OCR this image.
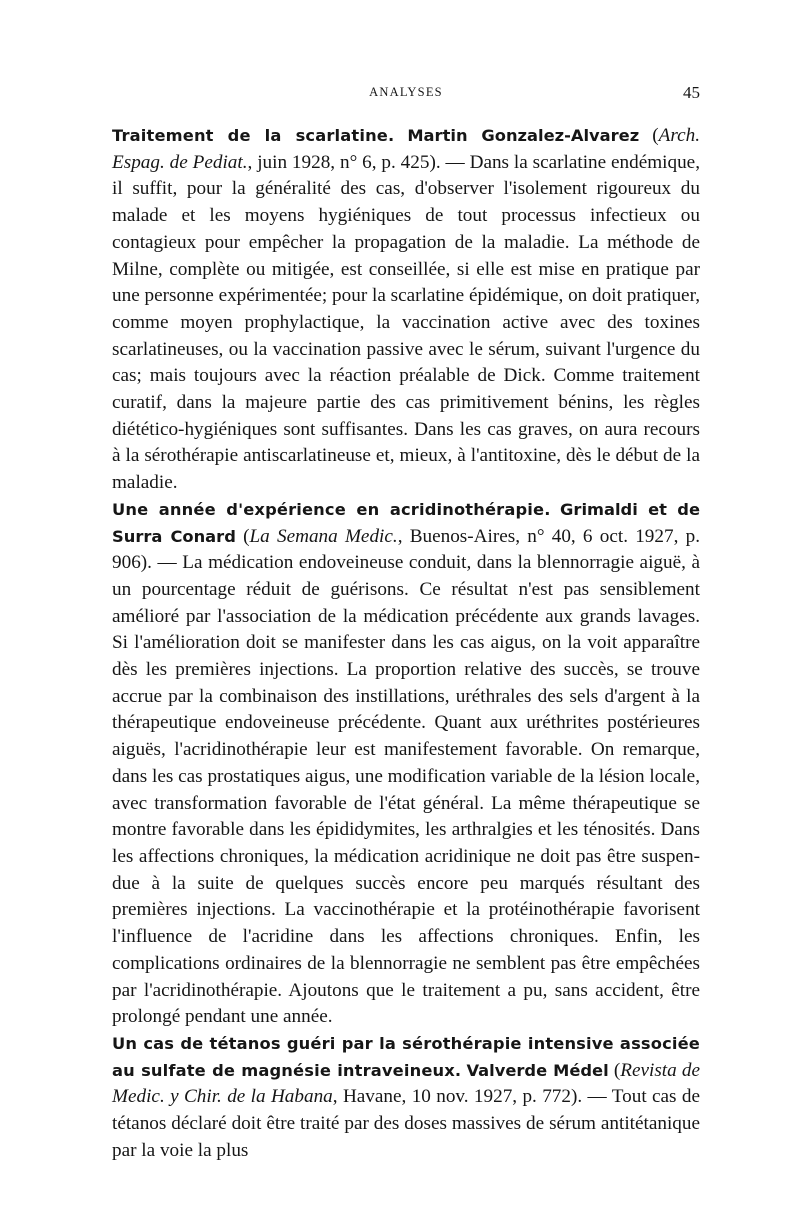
ANALYSES	45

Traitement de la scarlatine. Martin Gonzalez-Alvarez (Arch. Espag. de Pediat., juin 1928, n° 6, p. 425). — Dans la scarlatine endémique, il suffit, pour la généralité des cas, d'observer l'isolement rigoureux du malade et les moyens hygiéniques de tout processus infectieux ou contagieux pour empêcher la propagation de la maladie. La méthode de Milne, complète ou mitigée, est conseillée, si elle est mise en pratique par une personne expérimentée; pour la scarlatine épidémique, on doit pratiquer, comme moyen prophylactique, la vaccination active avec des toxines scarlatineuses, ou la vaccination passive avec le sérum, suivant l'urgence du cas; mais toujours avec la réaction préalable de Dick. Comme traitement curatif, dans la majeure partie des cas primitivement bénins, les règles diétético-hygiéniques sont suffisantes. Dans les cas graves, on aura recours à la sérothérapie antiscarlatineuse et, mieux, à l'antitoxine, dès le début de la maladie.

Une année d'expérience en acridinothérapie. Grimaldi et de Surra Conard (La Semana Medic., Buenos-Aires, n° 40, 6 oct. 1927, p. 906). — La médication endoveineuse conduit, dans la blennorragie aiguë, à un pourcentage réduit de guérisons. Ce résultat n'est pas sensiblement amélioré par l'association de la médication précédente aux grands lavages. Si l'amélioration doit se manifester dans les cas aigus, on la voit apparaître dès les premières injections. La proportion relative des succès, se trouve accrue par la combinaison des instillations, uréthrales des sels d'argent à la thérapeutique endoveineuse précédente. Quant aux uréthrites postérieures aiguës, l'acridinothérapie leur est manifestement favorable. On remarque, dans les cas prostatiques aigus, une modification variable de la lésion locale, avec transformation favorable de l'état général. La même thérapeutique se montre favorable dans les épididymites, les arthralgies et les ténosités. Dans les affections chroniques, la médication acridinique ne doit pas être suspendue à la suite de quelques succès encore peu marqués résultant des premières injections. La vaccinothérapie et la protéinothérapie favorisent l'influence de l'acridine dans les affections chroniques. Enfin, les complications ordinaires de la blennorragie ne semblent pas être empêchées par l'acridinothérapie. Ajoutons que le traitement a pu, sans accident, être prolongé pendant une année.

Un cas de tétanos guéri par la sérothérapie intensive associée au sulfate de magnésie intraveineux. Valverde Médel (Revista de Medic. y Chir. de la Habana, Havane, 10 nov. 1927, p. 772). — Tout cas de tétanos déclaré doit être traité par des doses massives de sérum antitétanique par la voie la plus
